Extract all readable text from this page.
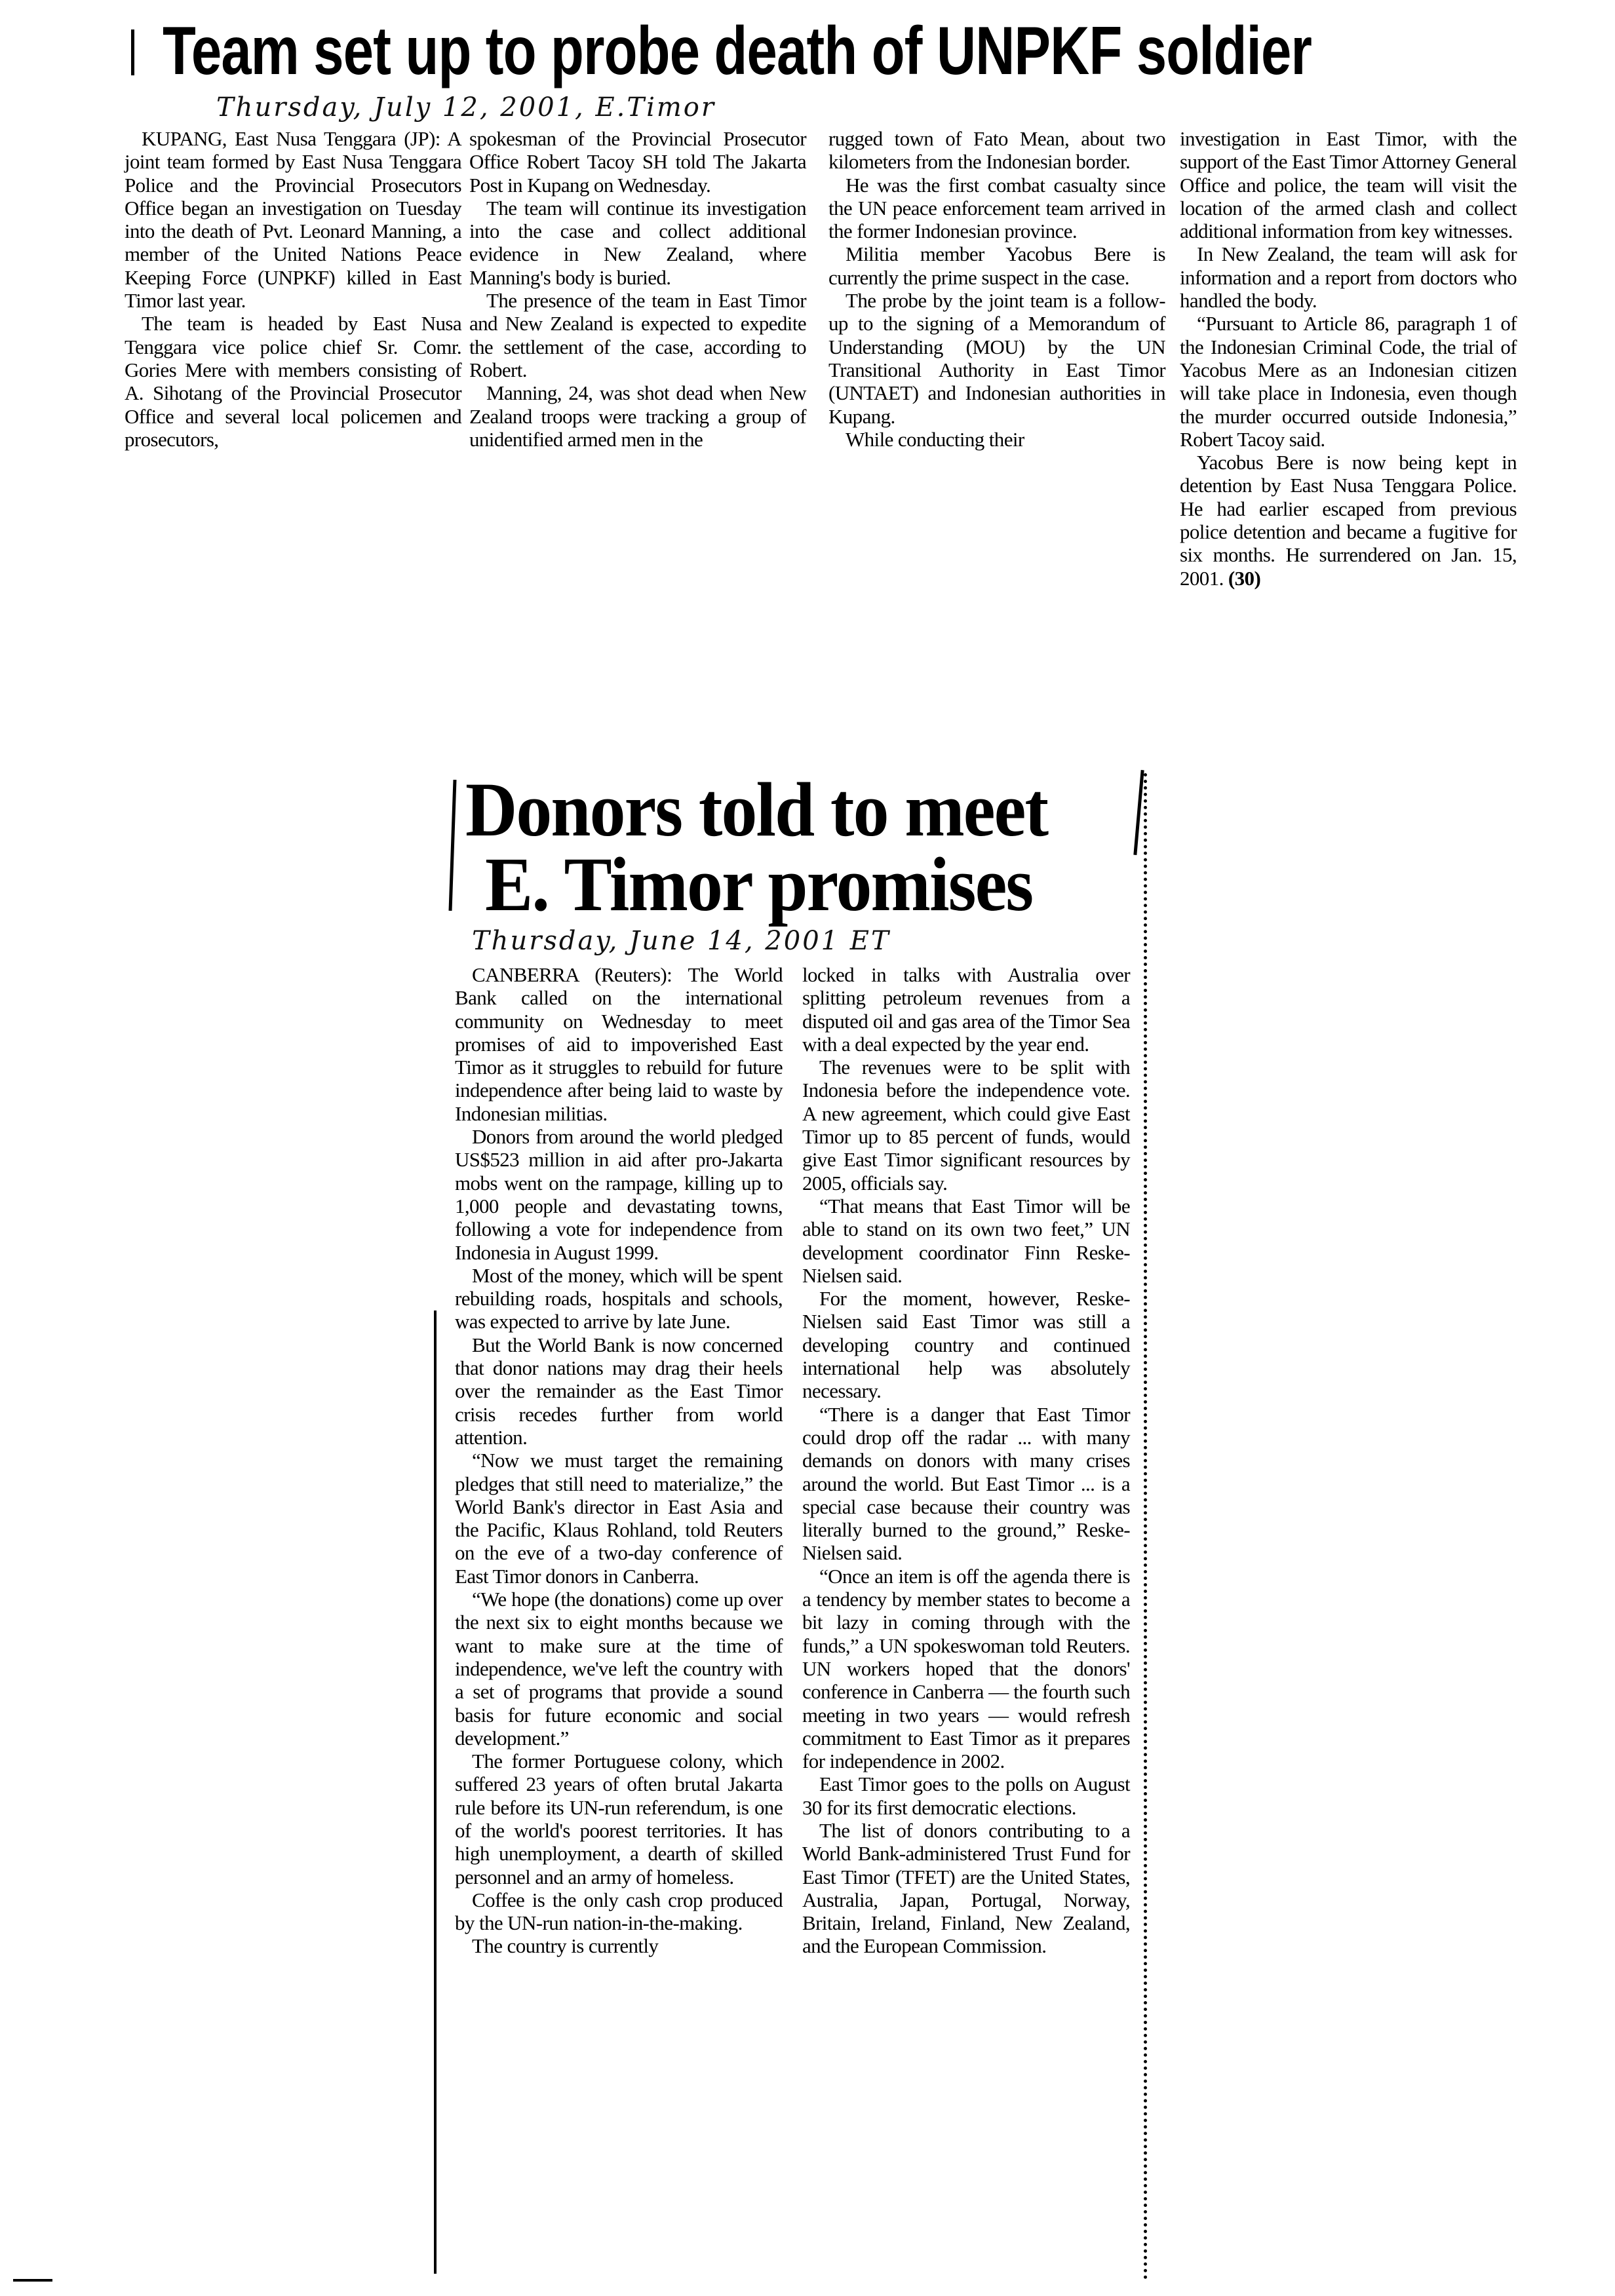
Team set up to probe death of UNPKF soldier
Thursday, July 12, 2001, E.Timor

KUPANG, East Nusa Tenggara (JP): A joint team formed by East Nusa Tenggara Police and the Provincial Prosecutors Office began an investigation on Tuesday into the death of Pvt. Leonard Manning, a member of the United Nations Peace Keeping Force (UNPKF) killed in East Timor last year.

The team is headed by East Nusa Tenggara vice police chief Sr. Comr. Gories Mere with members consisting of A. Sihotang of the Provincial Prosecutor Office and several local policemen and prosecutors,

spokesman of the Provincial Prosecutor Office Robert Tacoy SH told The Jakarta Post in Kupang on Wednesday.

The team will continue its investigation into the case and collect additional evidence in New Zealand, where Manning's body is buried.

The presence of the team in East Timor and New Zealand is expected to expedite the settlement of the case, according to Robert.

Manning, 24, was shot dead when New Zealand troops were tracking a group of unidentified armed men in the

rugged town of Fato Mean, about two kilometers from the Indonesian border.

He was the first combat casualty since the UN peace enforcement team arrived in the former Indonesian province.

Militia member Yacobus Bere is currently the prime suspect in the case.

The probe by the joint team is a follow-up to the signing of a Memorandum of Understanding (MOU) by the UN Transitional Authority in East Timor (UNTAET) and Indonesian authorities in Kupang.

While conducting their

investigation in East Timor, with the support of the East Timor Attorney General Office and police, the team will visit the location of the armed clash and collect additional information from key witnesses.

In New Zealand, the team will ask for information and a report from doctors who handled the body.

“Pursuant to Article 86, paragraph 1 of the Indonesian Criminal Code, the trial of Yacobus Mere as an Indonesian citizen will take place in Indonesia, even though the murder occurred outside Indonesia,” Robert Tacoy said.

Yacobus Bere is now being kept in detention by East Nusa Tenggara Police. He had earlier escaped from previous police detention and became a fugitive for six months. He surrendered on Jan. 15, 2001. (30)

Donors told to meet
E. Timor promises
Thursday, June 14, 2001 ET

CANBERRA (Reuters): The World Bank called on the international community on Wednesday to meet promises of aid to impoverished East Timor as it struggles to rebuild for future independence after being laid to waste by Indonesian militias.

Donors from around the world pledged US$523 million in aid after pro-Jakarta mobs went on the rampage, killing up to 1,000 people and devastating towns, following a vote for independence from Indonesia in August 1999.

Most of the money, which will be spent rebuilding roads, hospitals and schools, was expected to arrive by late June.

But the World Bank is now concerned that donor nations may drag their heels over the remainder as the East Timor crisis recedes further from world attention.

“Now we must target the remaining pledges that still need to materialize,” the World Bank's director in East Asia and the Pacific, Klaus Rohland, told Reuters on the eve of a two-day conference of East Timor donors in Canberra.

“We hope (the donations) come up over the next six to eight months because we want to make sure at the time of independence, we've left the country with a set of programs that provide a sound basis for future economic and social development.”

The former Portuguese colony, which suffered 23 years of often brutal Jakarta rule before its UN-run referendum, is one of the world's poorest territories. It has high unemployment, a dearth of skilled personnel and an army of homeless.

Coffee is the only cash crop produced by the UN-run nation-in-the-making.

The country is currently

locked in talks with Australia over splitting petroleum revenues from a disputed oil and gas area of the Timor Sea with a deal expected by the year end.

The revenues were to be split with Indonesia before the independence vote. A new agreement, which could give East Timor up to 85 percent of funds, would give East Timor significant resources by 2005, officials say.

“That means that East Timor will be able to stand on its own two feet,” UN development coordinator Finn Reske-Nielsen said.

For the moment, however, Reske-Nielsen said East Timor was still a developing country and continued international help was absolutely necessary.

“There is a danger that East Timor could drop off the radar ... with many demands on donors with many crises around the world. But East Timor ... is a special case because their country was literally burned to the ground,” Reske-Nielsen said.

“Once an item is off the agenda there is a tendency by member states to become a bit lazy in coming through with the funds,” a UN spokeswoman told Reuters. UN workers hoped that the donors' conference in Canberra — the fourth such meeting in two years — would refresh commitment to East Timor as it prepares for independence in 2002.

East Timor goes to the polls on August 30 for its first democratic elections.

The list of donors contributing to a World Bank-administered Trust Fund for East Timor (TFET) are the United States, Australia, Japan, Portugal, Norway, Britain, Ireland, Finland, New Zealand, and the European Commission.
